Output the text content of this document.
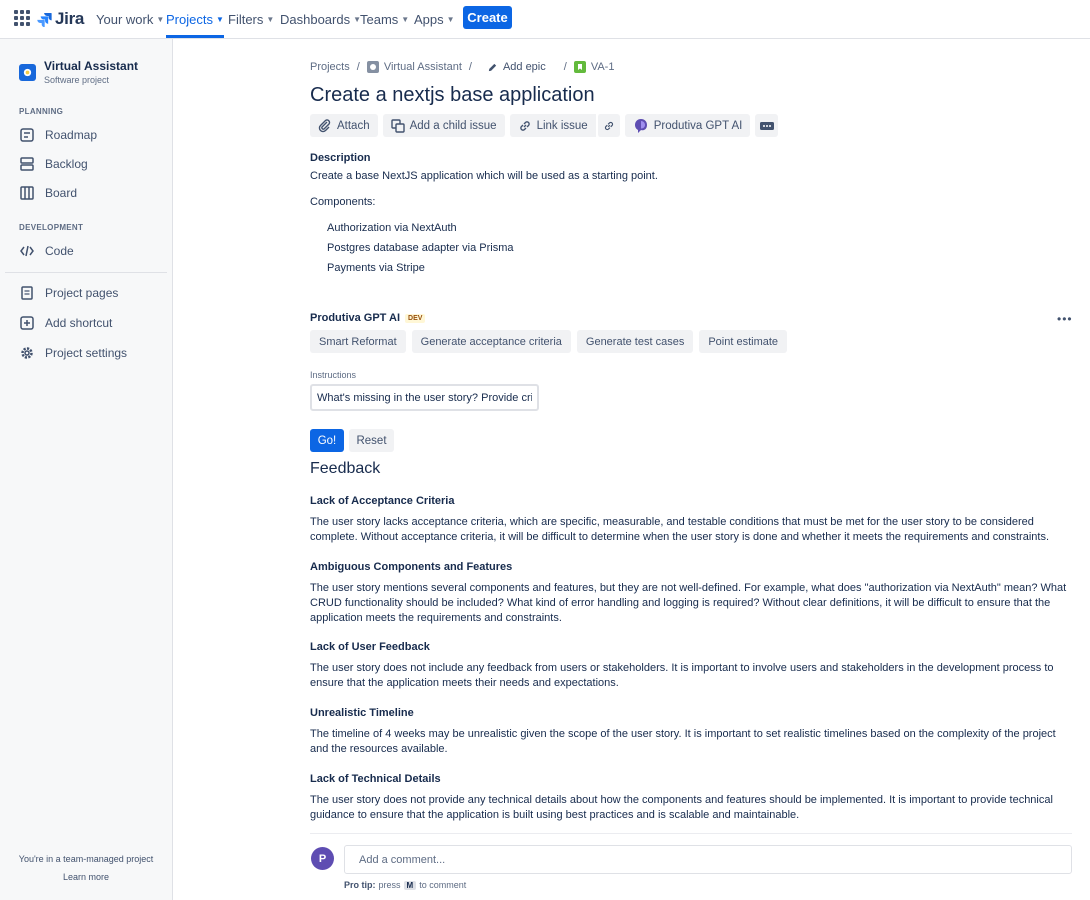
Jira Your work ▼ Projects ▼ Filters ▼ Dashboards ▼
Teams ▼ Apps ▼ Create
Virtual Assistant
Software project
PLANNING
Roadmap
Backlog
Board
DEVELOPMENT
Code
Project pages
Add shortcut
Project settings
You're in a team-managed project
Learn more
Projects / Virtual Assistant /	Add epic / VA-1
Create a nextjs base application
Attach	Add a child issue	Link issue	Produtiva GPT AI
Description
Create a base NextJS application which will be used as a starting point.
Components:
Authorization via NextAuth
Postgres database adapter via Prisma
Payments via Stripe
Produtiva GPT AI	DEV	•••
Smart Reformat	Generate acceptance criteria	Generate test cases	Point estimate
Instructions
What's missing in the user story? Provide critical feedback.
Go!	Reset
Feedback
Lack of Acceptance Criteria
The user story lacks acceptance criteria, which are specific, measurable, and testable conditions that must be met for the user story to be considered complete. Without acceptance criteria, it will be difficult to determine when the user story is done and whether it meets the requirements and constraints.
Ambiguous Components and Features
The user story mentions several components and features, but they are not well-defined. For example, what does "authorization via NextAuth" mean? What CRUD functionality should be included? What kind of error handling and logging is required? Without clear definitions, it will be difficult to ensure that the application meets the requirements and constraints.
Lack of User Feedback
The user story does not include any feedback from users or stakeholders. It is important to involve users and stakeholders in the development process to ensure that the application meets their needs and expectations.
Unrealistic Timeline
The timeline of 4 weeks may be unrealistic given the scope of the user story. It is important to set realistic timelines based on the complexity of the project and the resources available.
Lack of Technical Details
The user story does not provide any technical details about how the components and features should be implemented. It is important to provide technical guidance to ensure that the application is built using best practices and is scalable and maintainable.
P	Add a comment...
Pro tip: press M to comment
